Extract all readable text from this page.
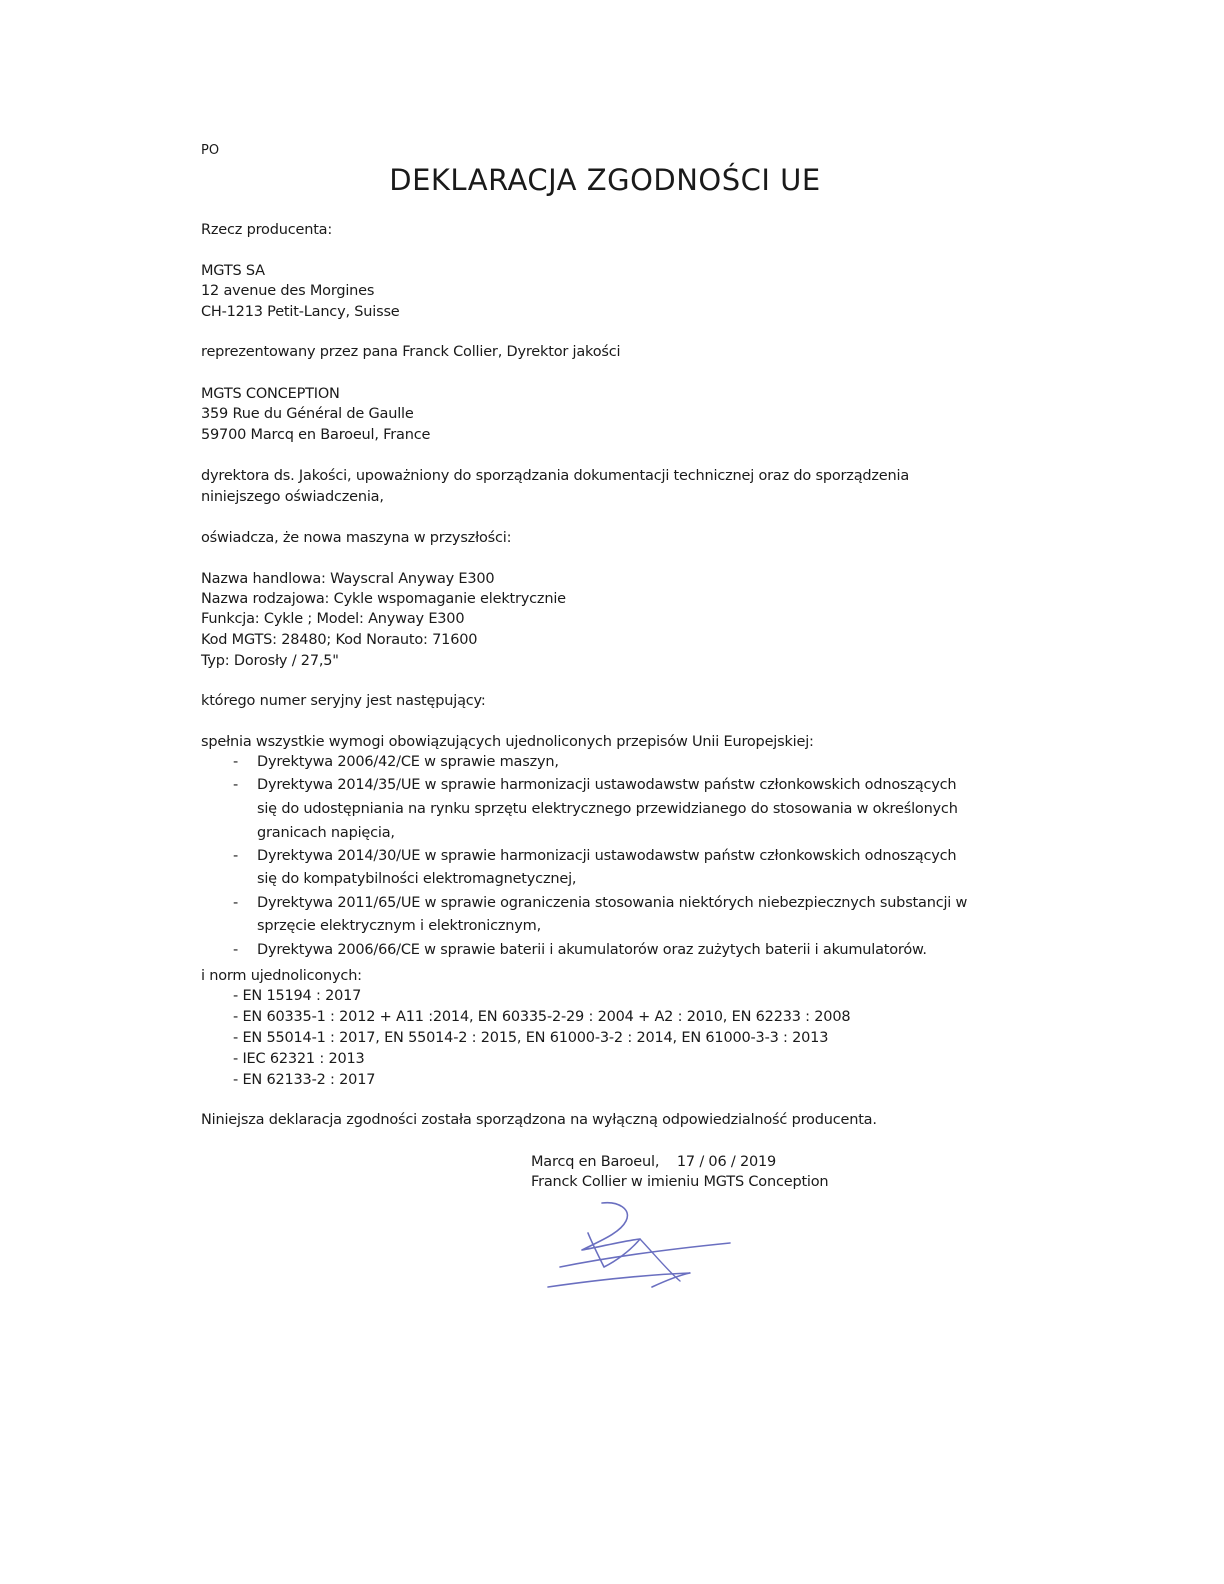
PO
DEKLARACJA ZGODNOŚCI UE
Rzecz producenta:
MGTS SA
12 avenue des Morgines
CH-1213 Petit-Lancy, Suisse
reprezentowany przez pana Franck Collier, Dyrektor jakości
MGTS CONCEPTION
359 Rue du Général de Gaulle
59700 Marcq en Baroeul, France
dyrektora ds. Jakości, upoważniony do sporządzania dokumentacji technicznej oraz do sporządzenia
niniejszego oświadczenia,
oświadcza, że nowa maszyna w przyszłości:
Nazwa handlowa: Wayscral Anyway E300
Nazwa rodzajowa: Cykle wspomaganie elektrycznie
Funkcja: Cykle ; Model: Anyway E300
Kod MGTS: 28480; Kod Norauto: 71600
Typ: Dorosły / 27,5"
którego numer seryjny jest następujący:
spełnia wszystkie wymogi obowiązujących ujednoliconych przepisów Unii Europejskiej:
- Dyrektywa 2006/42/CE w sprawie maszyn,
- Dyrektywa 2014/35/UE w sprawie harmonizacji ustawodawstw państw członkowskich odnoszących
się do udostępniania na rynku sprzętu elektrycznego przewidzianego do stosowania w określonych
granicach napięcia,
- Dyrektywa 2014/30/UE w sprawie harmonizacji ustawodawstw państw członkowskich odnoszących
się do kompatybilności elektromagnetycznej,
- Dyrektywa 2011/65/UE w sprawie ograniczenia stosowania niektórych niebezpiecznych substancji w
sprzęcie elektrycznym i elektronicznym,
- Dyrektywa 2006/66/CE w sprawie baterii i akumulatorów oraz zużytych baterii i akumulatorów.
i norm ujednoliconych:
- EN 15194 : 2017
- EN 60335-1 : 2012 + A11 :2014, EN 60335-2-29 : 2004 + A2 : 2010, EN 62233 : 2008
- EN 55014-1 : 2017, EN 55014-2 : 2015, EN 61000-3-2 : 2014, EN 61000-3-3 : 2013
- IEC 62321 : 2013
- EN 62133-2 : 2017
Niniejsza deklaracja zgodności została sporządzona na wyłączną odpowiedzialność producenta.
Marcq en Baroeul,    17 / 06 / 2019
Franck Collier w imieniu MGTS Conception
